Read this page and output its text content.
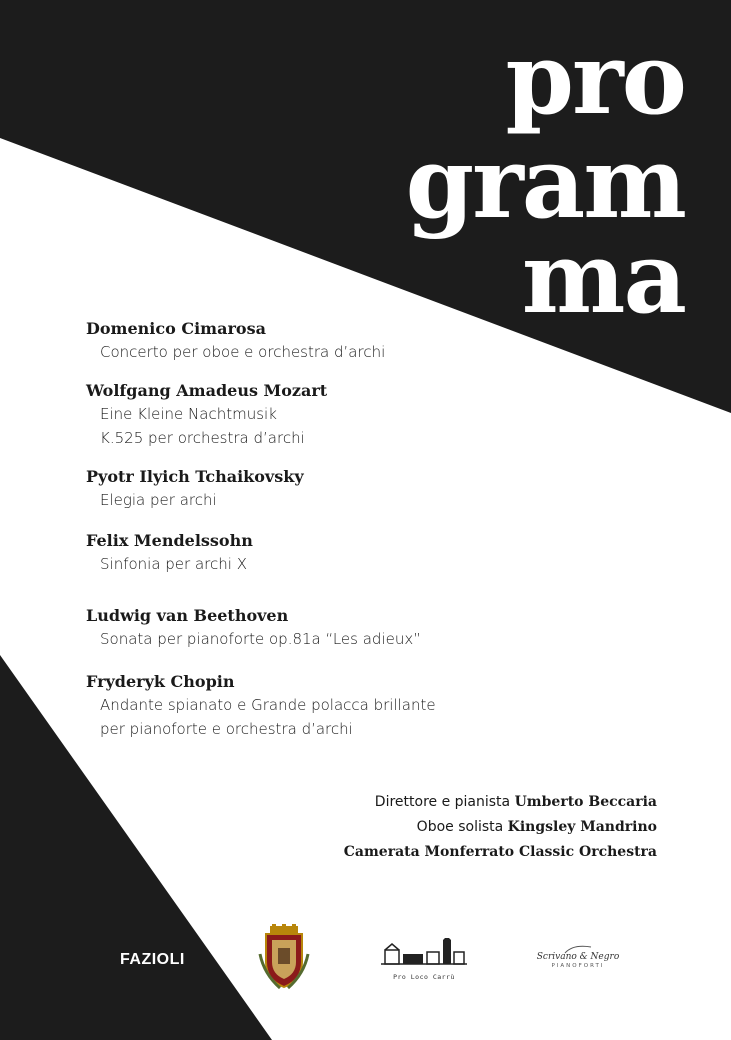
pro
gram
ma

Domenico Cimarosa

Concerto per oboe e orchestra d’archi

Wolfgang Amadeus Mozart

Eine Kleine Nachtmusik

K.525 per orchestra d’archi

Pyotr Ilyich Tchaikovsky

Elegia per archi

Felix Mendelssohn

Sinfonia per archi X

Ludwig van Beethoven

Sonata per pianoforte op.81a “Les adieux”

Fryderyk Chopin

Andante spianato e Grande polacca brillante

per pianoforte e orchestra d’archi

Direttore e pianista Umberto Beccaria
Oboe solista Kingsley Mandrino
Camerata Monferrato Classic Orchestra
FAZIOLI
Pro Loco Carrù
Scrivano & Negro
PIANOFORTI
